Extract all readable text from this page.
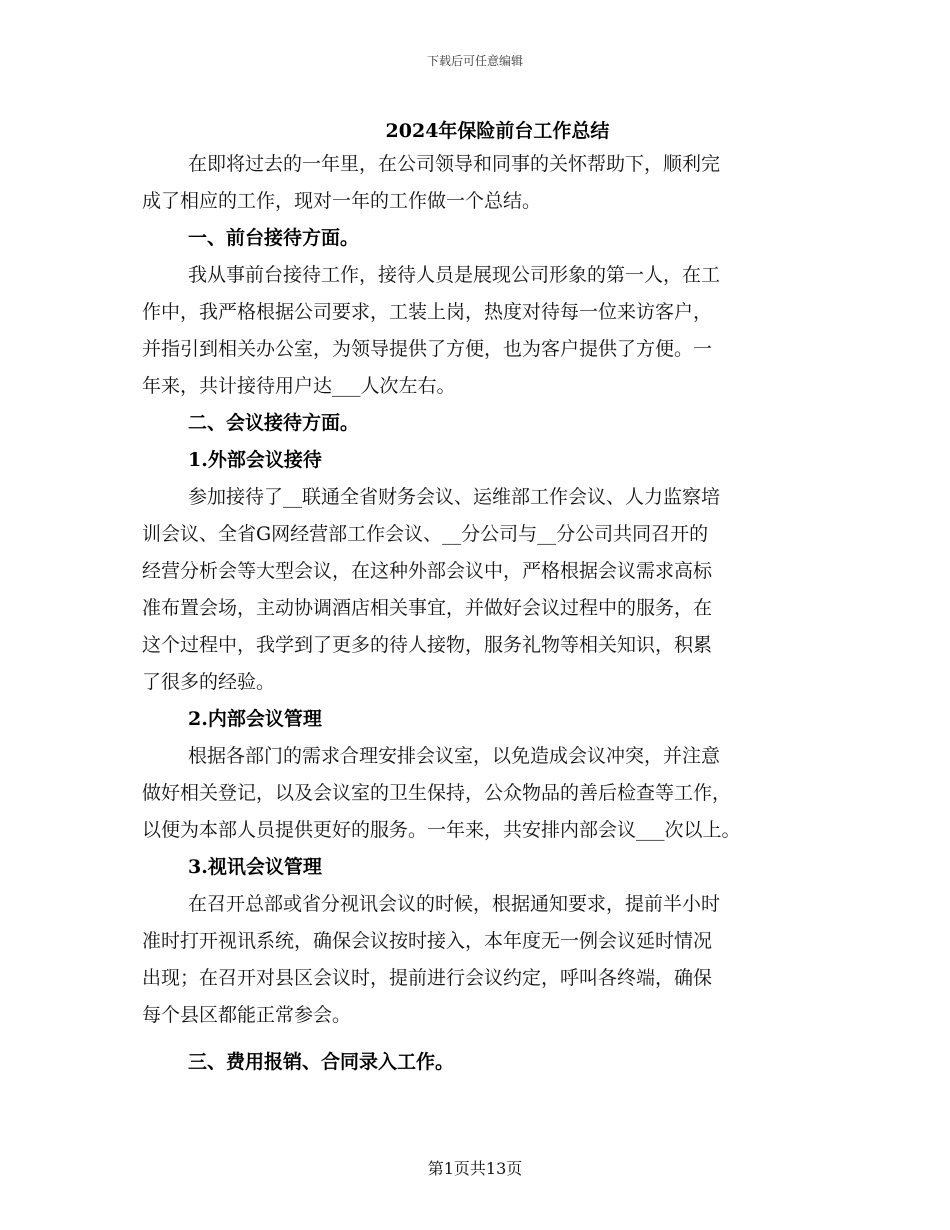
下载后可任意编辑
2024年保险前台工作总结
在即将过去的一年里，在公司领导和同事的关怀帮助下，顺利完
成了相应的工作，现对一年的工作做一个总结。
一、前台接待方面。
我从事前台接待工作，接待人员是展现公司形象的第一人，在工
作中，我严格根据公司要求，工装上岗，热度对待每一位来访客户，
并指引到相关办公室，为领导提供了方便，也为客户提供了方便。一
年来，共计接待用户达___人次左右。
二、会议接待方面。
1.外部会议接待
参加接待了__联通全省财务会议、运维部工作会议、人力监察培
训会议、全省G网经营部工作会议、__分公司与__分公司共同召开的
经营分析会等大型会议，在这种外部会议中，严格根据会议需求高标
准布置会场，主动协调酒店相关事宜，并做好会议过程中的服务，在
这个过程中，我学到了更多的待人接物，服务礼物等相关知识，积累
了很多的经验。
2.内部会议管理
根据各部门的需求合理安排会议室，以免造成会议冲突，并注意
做好相关登记，以及会议室的卫生保持，公众物品的善后检查等工作，
以便为本部人员提供更好的服务。一年来，共安排内部会议___次以上。
3.视讯会议管理
在召开总部或省分视讯会议的时候，根据通知要求，提前半小时
准时打开视讯系统，确保会议按时接入，本年度无一例会议延时情况
出现；在召开对县区会议时，提前进行会议约定，呼叫各终端，确保
每个县区都能正常参会。
三、费用报销、合同录入工作。
第1页共13页
